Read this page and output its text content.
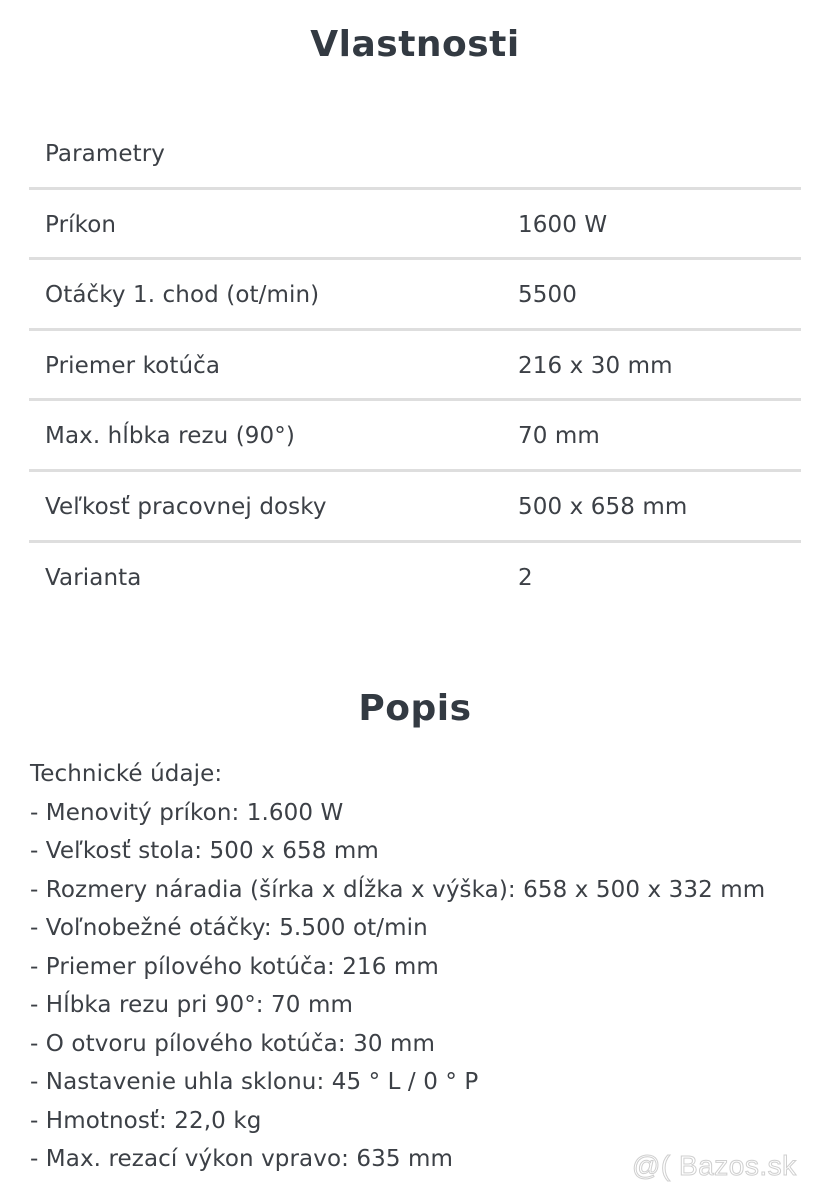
Vlastnosti
Parametry
Príkon	1600 W
Otáčky 1. chod (ot/min)	5500
Priemer kotúča	216 x 30 mm
Max. hĺbka rezu (90°)	70 mm
Veľkosť pracovnej dosky	500 x 658 mm
Varianta	2
Popis
Technické údaje:
- Menovitý príkon: 1.600 W
- Veľkosť stola: 500 x 658 mm
- Rozmery náradia (šírka x dĺžka x výška): 658 x 500 x 332 mm
- Voľnobežné otáčky: 5.500 ot/min
- Priemer pílového kotúča: 216 mm
- Hĺbka rezu pri 90°: 70 mm
- O otvoru pílového kotúča: 30 mm
- Nastavenie uhla sklonu: 45 ° L / 0 ° P
- Hmotnosť: 22,0 kg
- Max. rezací výkon vpravo: 635 mm	@( Bazos.sk
